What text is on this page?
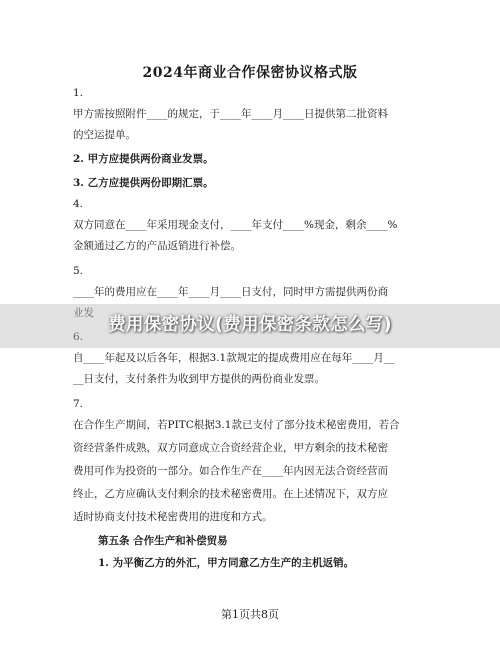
2024年商业合作保密协议格式版
1.
甲方需按照附件____的规定，于____年____月____日提供第二批资料
的空运提单。
2. 甲方应提供两份商业发票。
3. 乙方应提供两份即期汇票。
4.
双方同意在____年采用现金支付，____年支付____%现金，剩余____%
金额通过乙方的产品返销进行补偿。
5.
____年的费用应在____年____月____日支付，同时甲方需提供两份商
业发
6.
自____年起及以后各年，根据3.1款规定的提成费用应在每年____月__
__日支付，支付条件为收到甲方提供的两份商业发票。
7.
在合作生产期间，若PITC根据3.1款已支付了部分技术秘密费用，若合
资经营条件成熟，双方同意成立合资经营企业，甲方剩余的技术秘密
费用可作为投资的一部分。如合作生产在____年内因无法合资经营而
终止，乙方应确认支付剩余的技术秘密费用。在上述情况下，双方应
适时协商支付技术秘密费用的进度和方式。
第五条 合作生产和补偿贸易
1. 为平衡乙方的外汇，甲方同意乙方生产的主机返销。
费用保密协议(费用保密条款怎么写)
第1页共8页
